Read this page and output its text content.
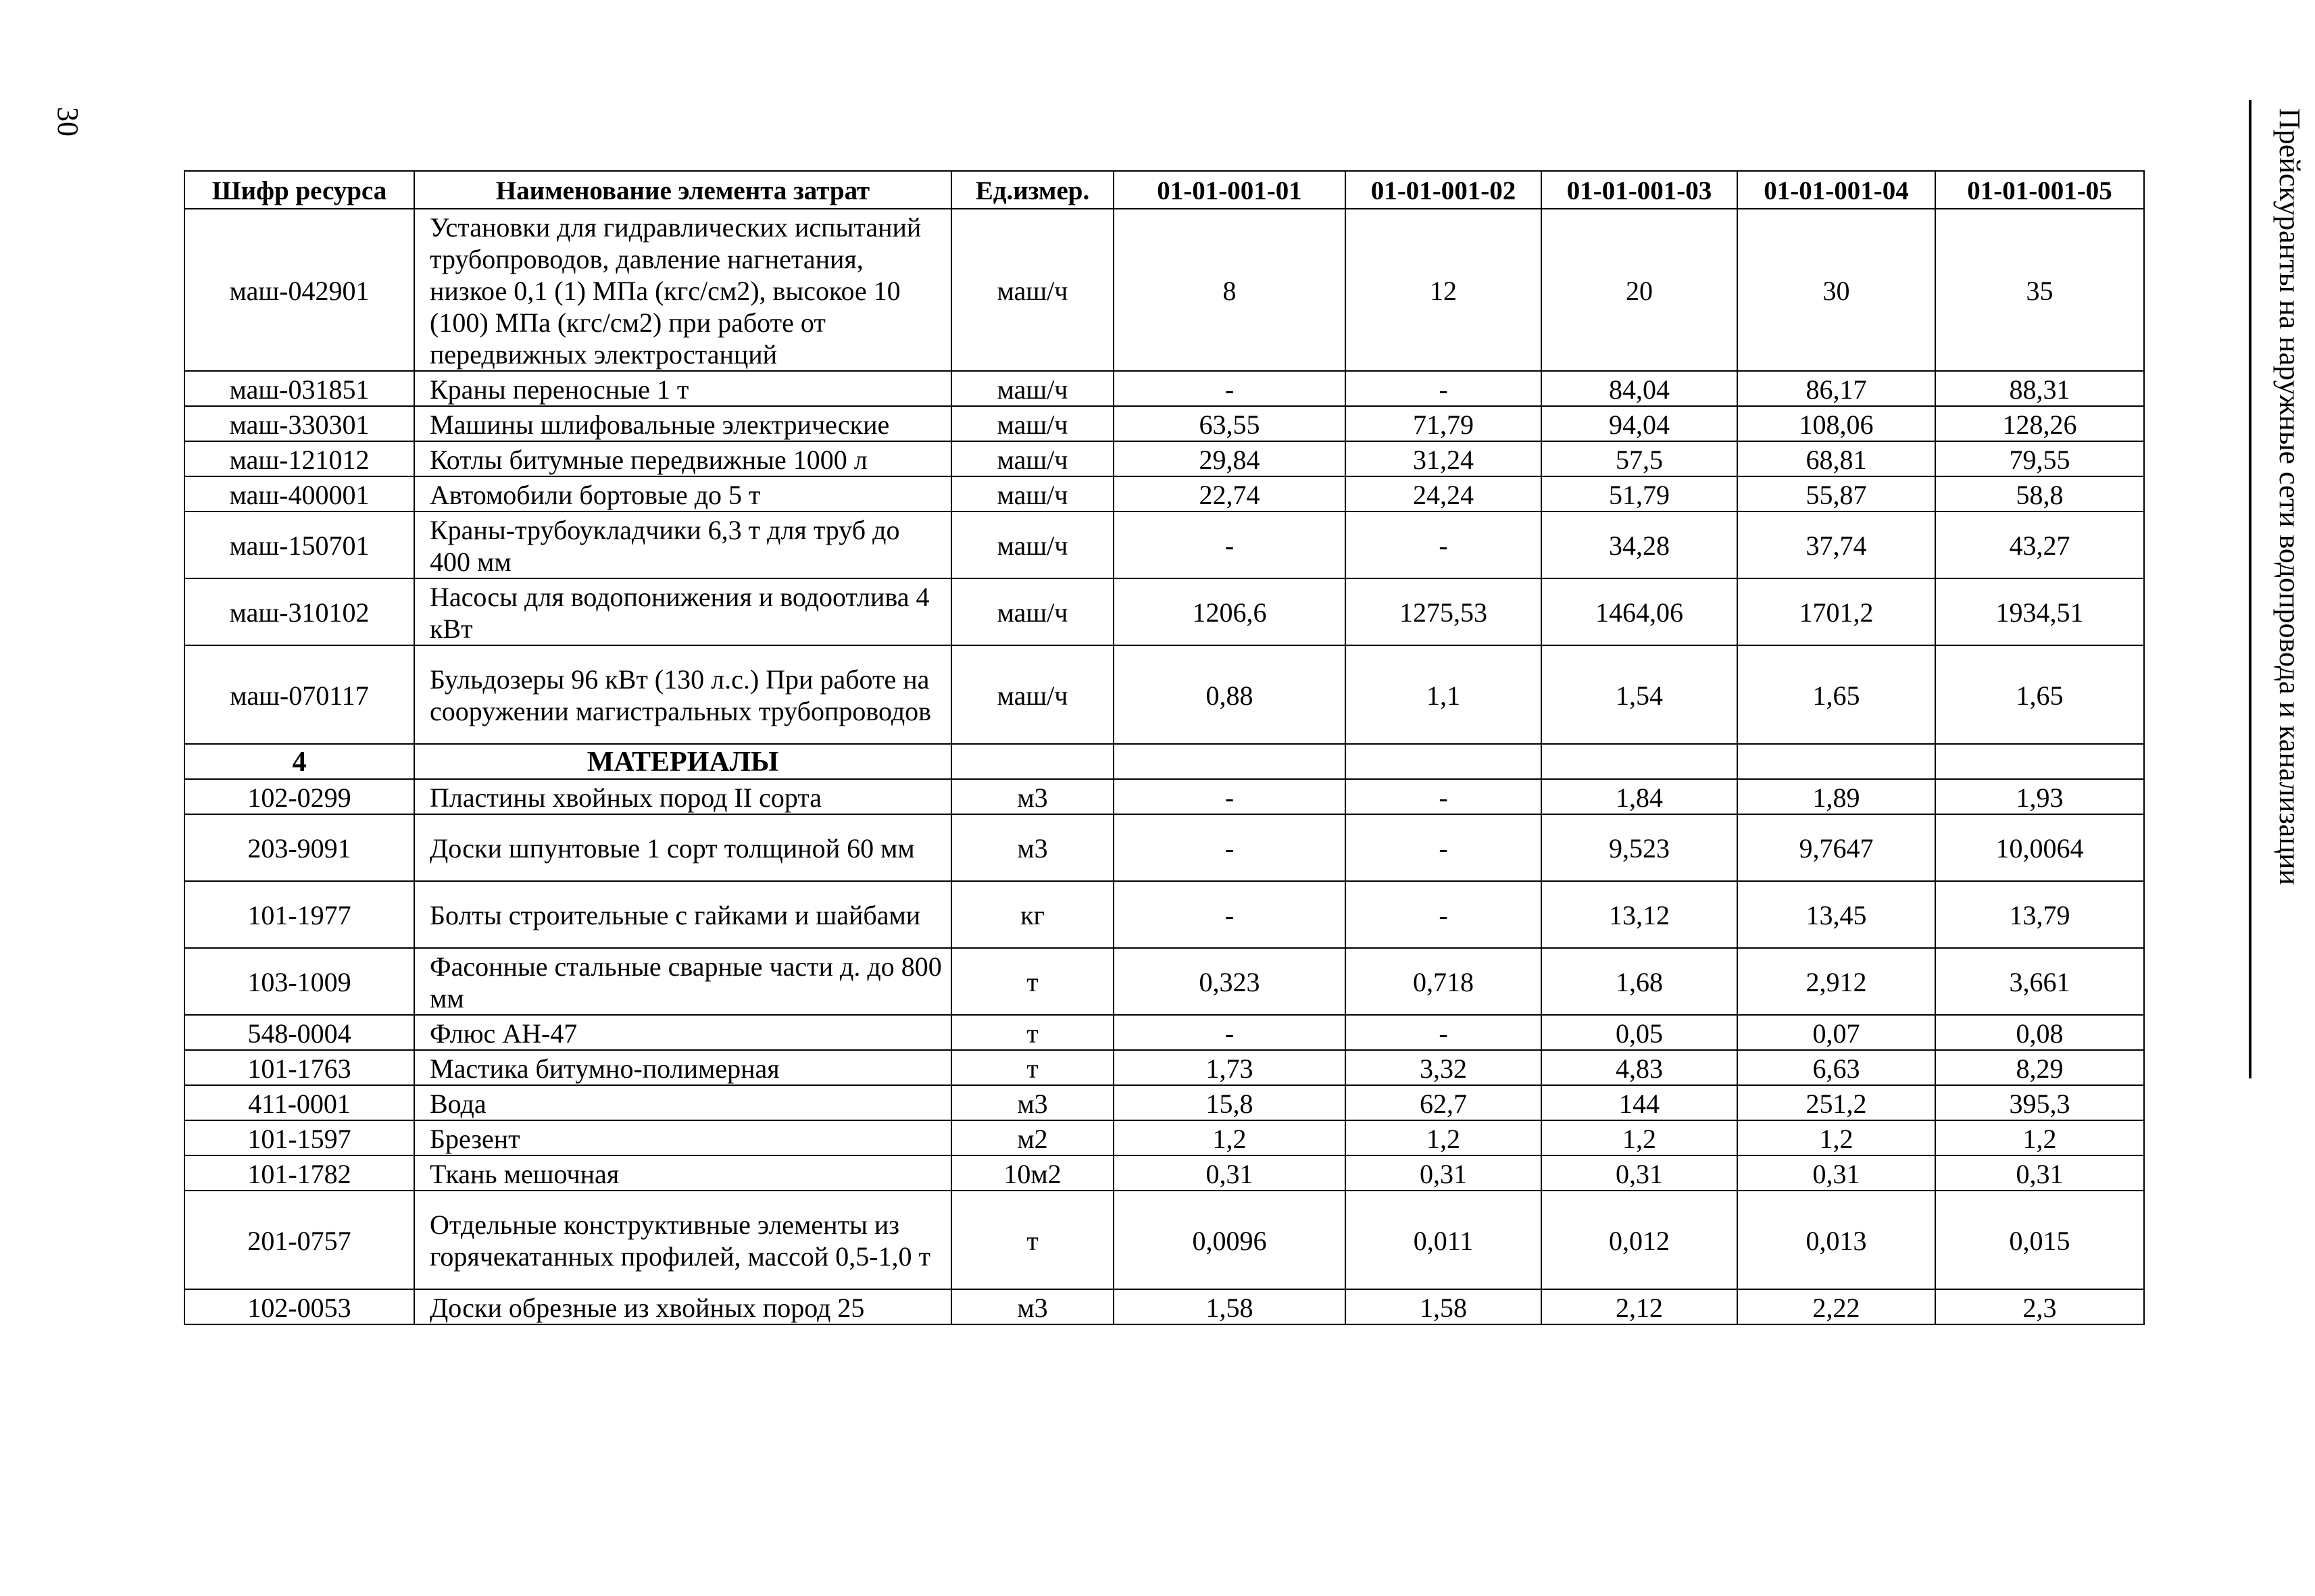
30	Прейскуранты на наружные сети водопровода и канализации
Шифр ресурса	Наименование элемента затрат	Ед.измер.	01-01-001-01	01-01-001-02	01-01-001-03	01-01-001-04	01-01-001-05
маш-042901	Установки для гидравлических испытаний трубопроводов, давление нагнетания, низкое 0,1 (1) МПа (кгс/см2), высокое 10 (100) МПа (кгс/см2) при работе от передвижных электростанций	маш/ч	8	12	20	30	35
маш-031851	Краны переносные 1 т	маш/ч	-	-	84,04	86,17	88,31
маш-330301	Машины шлифовальные электрические	маш/ч	63,55	71,79	94,04	108,06	128,26
маш-121012	Котлы битумные передвижные 1000 л	маш/ч	29,84	31,24	57,5	68,81	79,55
маш-400001	Автомобили бортовые до 5 т	маш/ч	22,74	24,24	51,79	55,87	58,8
маш-150701	Краны-трубоукладчики 6,3 т для труб до 400 мм	маш/ч	-	-	34,28	37,74	43,27
маш-310102	Насосы для водопонижения и водоотлива 4 кВт	маш/ч	1206,6	1275,53	1464,06	1701,2	1934,51
маш-070117	Бульдозеры 96 кВт (130 л.с.) При работе на сооружении магистральных трубопроводов	маш/ч	0,88	1,1	1,54	1,65	1,65
4	МАТЕРИАЛЫ						
102-0299	Пластины хвойных пород II сорта	м3	-	-	1,84	1,89	1,93
203-9091	Доски шпунтовые 1 сорт толщиной 60 мм	м3	-	-	9,523	9,7647	10,0064
101-1977	Болты строительные с гайками и шайбами	кг	-	-	13,12	13,45	13,79
103-1009	Фасонные стальные сварные части д. до 800 мм	т	0,323	0,718	1,68	2,912	3,661
548-0004	Флюс АН-47	т	-	-	0,05	0,07	0,08
101-1763	Мастика битумно-полимерная	т	1,73	3,32	4,83	6,63	8,29
411-0001	Вода	м3	15,8	62,7	144	251,2	395,3
101-1597	Брезент	м2	1,2	1,2	1,2	1,2	1,2
101-1782	Ткань мешочная	10м2	0,31	0,31	0,31	0,31	0,31
201-0757	Отдельные конструктивные элементы из горячекатанных профилей, массой 0,5-1,0 т	т	0,0096	0,011	0,012	0,013	0,015
102-0053	Доски обрезные из хвойных пород 25	м3	1,58	1,58	2,12	2,22	2,3
